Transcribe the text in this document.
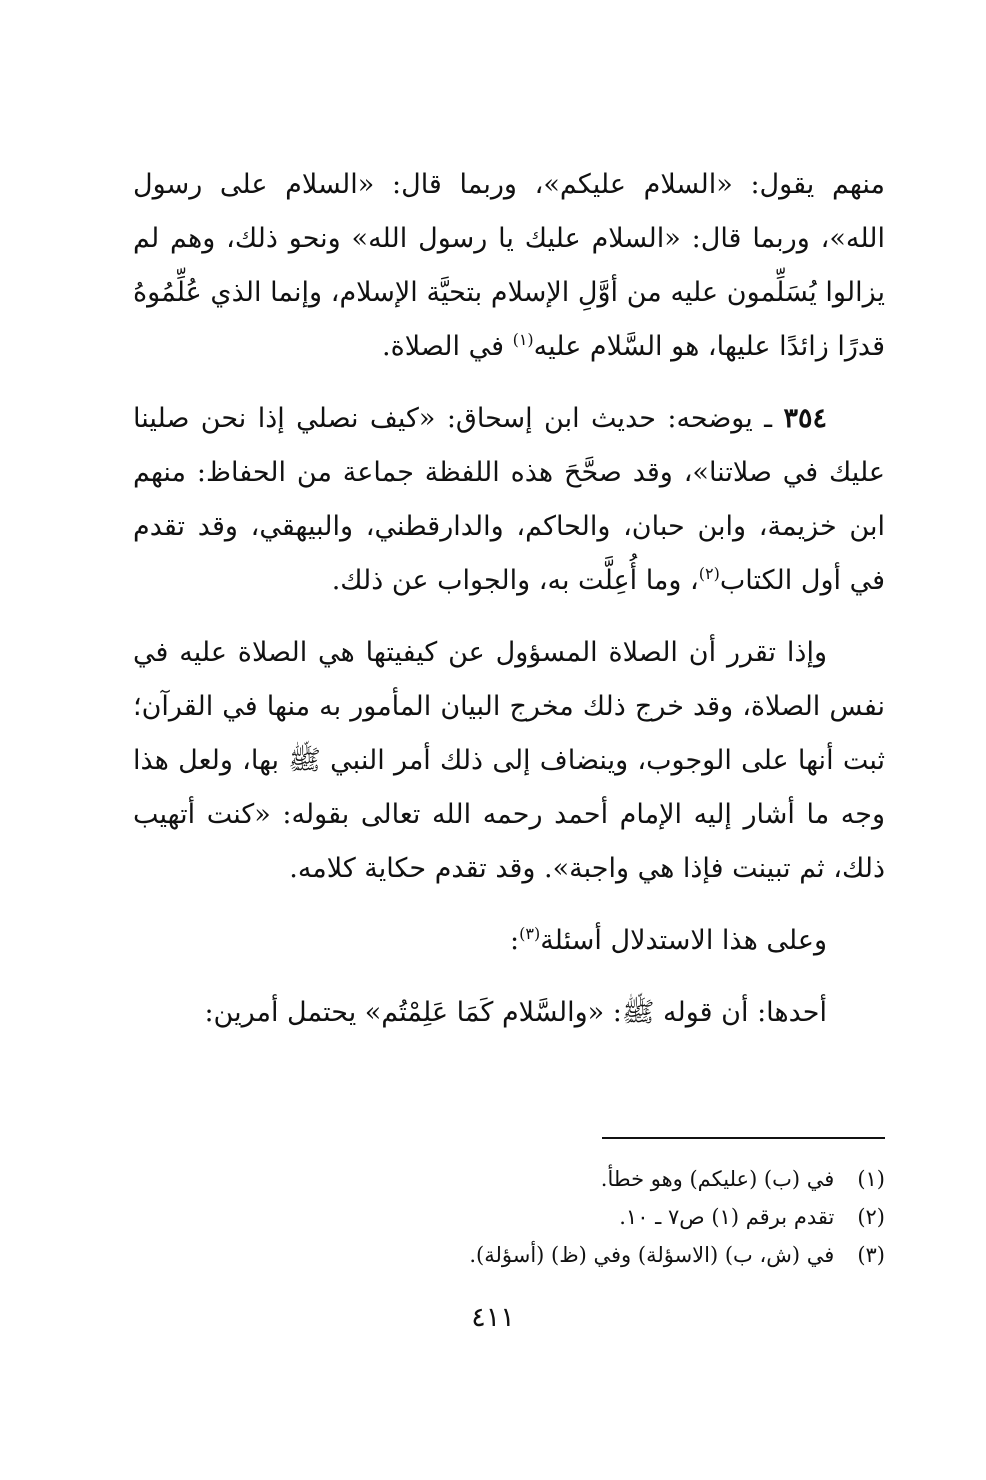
منهم يقول: «السلام عليكم»، وربما قال: «السلام على رسول الله»، وربما قال: «السلام عليك يا رسول الله» ونحو ذلك، وهم لم يزالوا يُسَلِّمون عليه من أوَّلِ الإسلام بتحيَّة الإسلام، وإنما الذي عُلِّمُوهُ قدرًا زائدًا عليها، هو السَّلام عليه$^{(١)}$ في الصلاة.

٣٥٤ ـ يوضحه: حديث ابن إسحاق: «كيف نصلي إذا نحن صلينا عليك في صلاتنا»، وقد صحَّحَ هذه اللفظة جماعة من الحفاظ: منهم ابن خزيمة، وابن حبان، والحاكم، والدارقطني، والبيهقي، وقد تقدم في أول الكتاب$^{(٢)}$، وما أُعِلَّت به، والجواب عن ذلك.

وإذا تقرر أن الصلاة المسؤول عن كيفيتها هي الصلاة عليه في نفس الصلاة، وقد خرج ذلك مخرج البيان المأمور به منها في القرآن؛ ثبت أنها على الوجوب، وينضاف إلى ذلك أمر النبي ﷺ بها، ولعل هذا وجه ما أشار إليه الإمام أحمد رحمه الله تعالى بقوله: «كنت أتهيب ذلك، ثم تبينت فإذا هي واجبة». وقد تقدم حكاية كلامه.

وعلى هذا الاستدلال أسئلة$^{(٣)}$:

أحدها: أن قوله ﷺ: «والسَّلام كَمَا عَلِمْتُم» يحتمل أمرين:

(١) في (ب) (عليكم) وهو خطأ.
(٢) تقدم برقم (١) ص٧ ـ ١٠.
(٣) في (ش، ب) (الاسؤلة) وفي (ظ) (أسؤلة).
٤١١
